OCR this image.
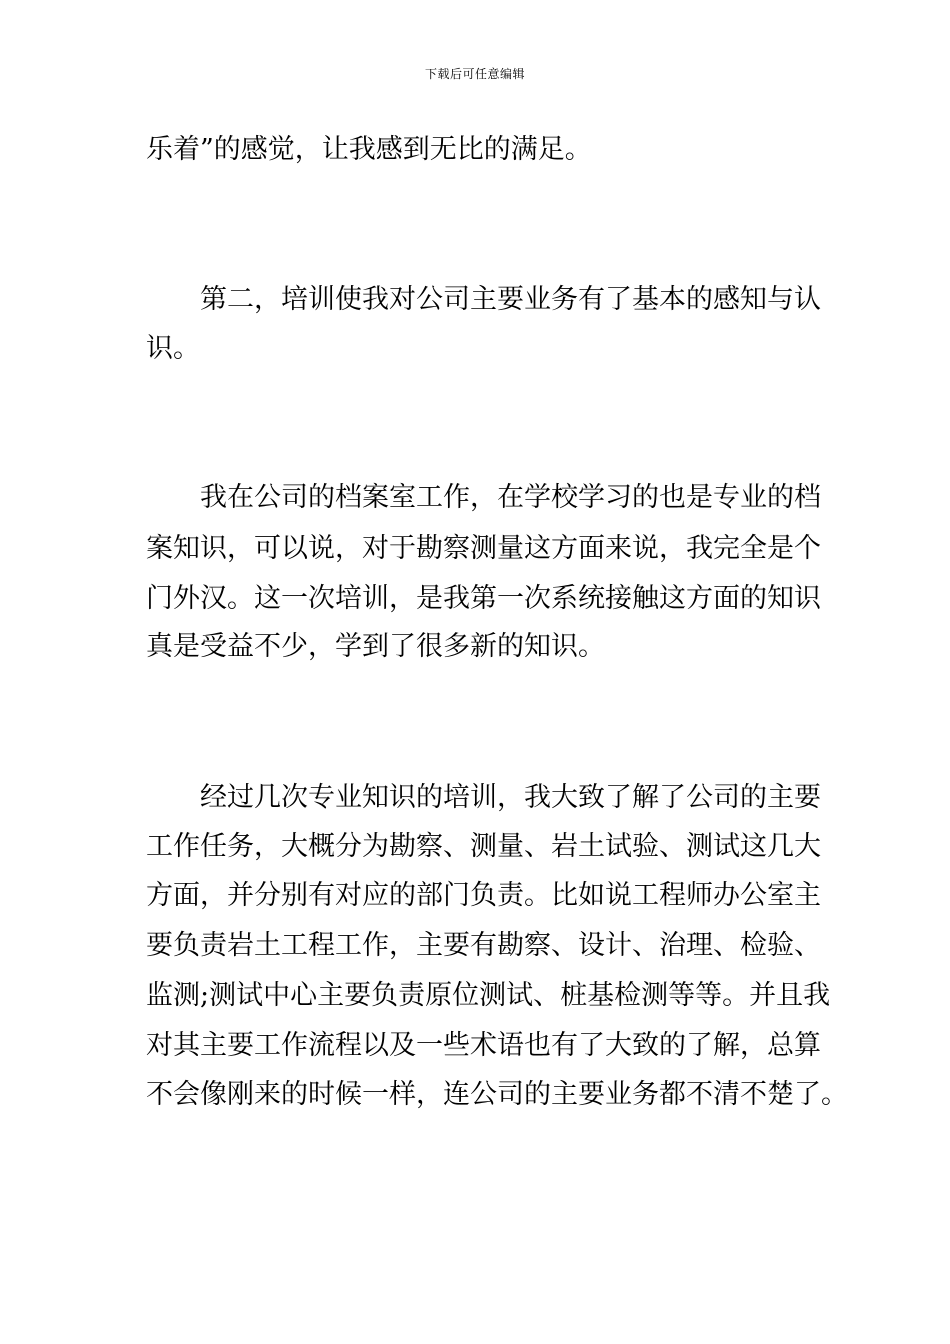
下载后可任意编辑
乐着”的感觉，让我感到无比的满足。
　　第二，培训使我对公司主要业务有了基本的感知与认
识。
　　我在公司的档案室工作，在学校学习的也是专业的档
案知识，可以说，对于勘察测量这方面来说，我完全是个
门外汉。这一次培训，是我第一次系统接触这方面的知识
真是受益不少，学到了很多新的知识。
　　经过几次专业知识的培训，我大致了解了公司的主要
工作任务，大概分为勘察、测量、岩土试验、测试这几大
方面，并分别有对应的部门负责。比如说工程师办公室主
要负责岩土工程工作，主要有勘察、设计、治理、检验、
监测;测试中心主要负责原位测试、桩基检测等等。并且我
对其主要工作流程以及一些术语也有了大致的了解，总算
不会像刚来的时候一样，连公司的主要业务都不清不楚了。
